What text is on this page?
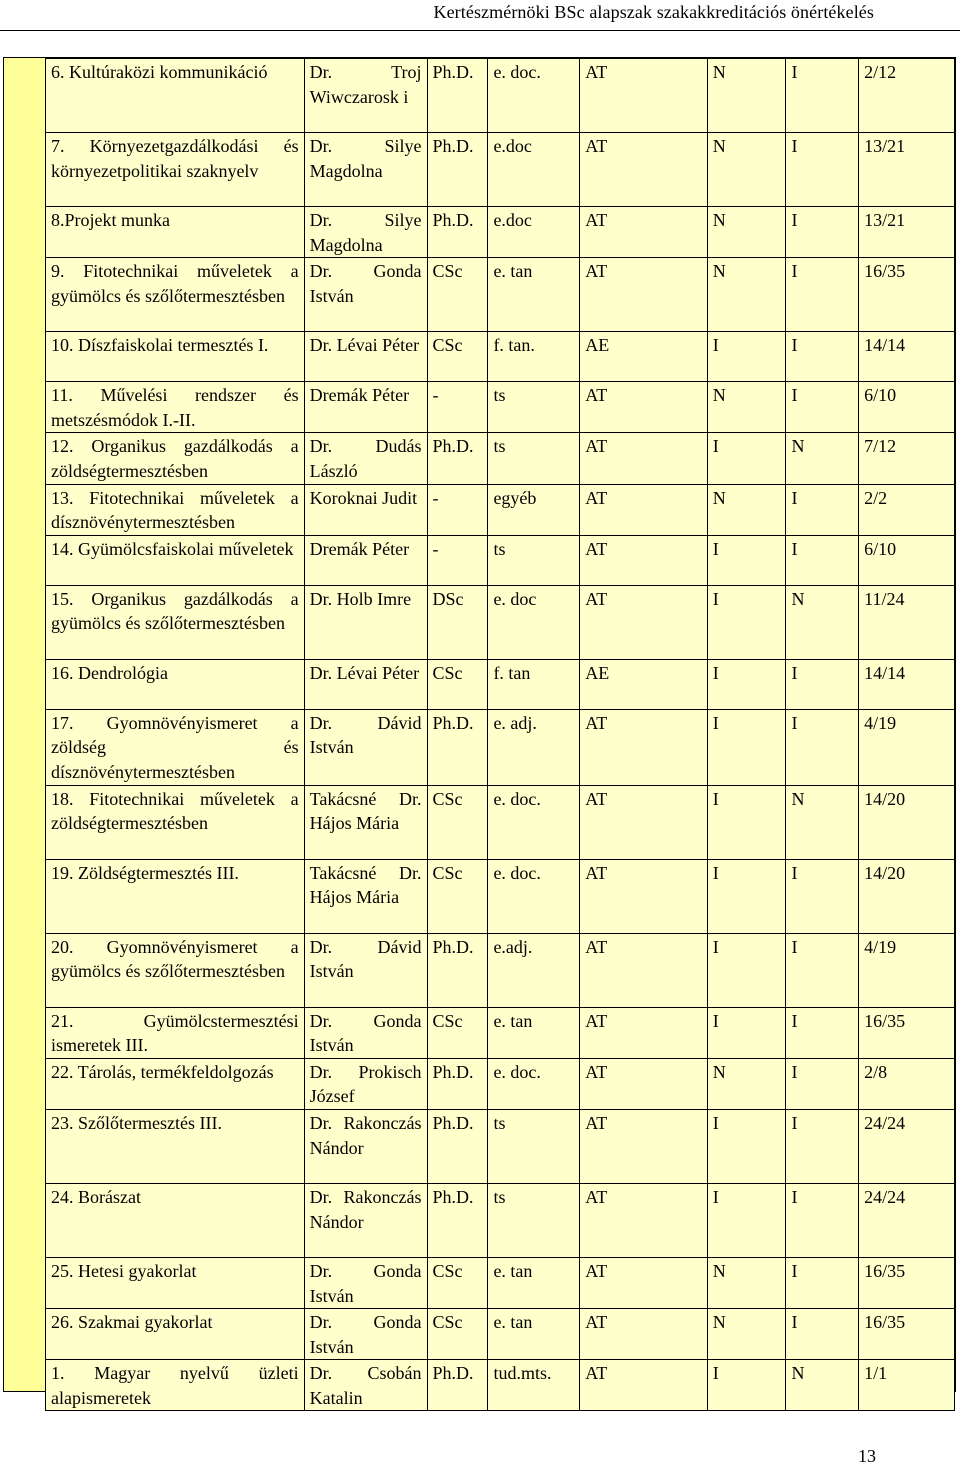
Kertészmérnöki BSc alapszak szakakkreditációs önértékelés
6. Kultúraközi kommunikáció	Dr. Troj Wiwczarosk i	Ph.D.	e. doc.	AT	N	I	2/12
7. Környezetgazdálkodási és környezetpolitikai szaknyelv	Dr. Silye Magdolna	Ph.D.	e.doc	AT	N	I	13/21
8.Projekt munka	Dr. Silye Magdolna	Ph.D.	e.doc	AT	N	I	13/21
9. Fitotechnikai műveletek a gyümölcs és szőlőtermesztésben	Dr. Gonda István	CSc	e. tan	AT	N	I	16/35
10. Díszfaiskolai termesztés I.	Dr. Lévai Péter	CSc	f. tan.	AE	I	I	14/14
11. Művelési rendszer és metszésmódok I.-II.	Dremák Péter	-	ts	AT	N	I	6/10
12. Organikus gazdálkodás a zöldségtermesztésben	Dr. Dudás László	Ph.D.	ts	AT	I	N	7/12
13. Fitotechnikai műveletek a dísznövénytermesztésben	Koroknai Judit	-	egyéb	AT	N	I	2/2
14. Gyümölcsfaiskolai műveletek	Dremák Péter	-	ts	AT	I	I	6/10
15. Organikus gazdálkodás a gyümölcs és szőlőtermesztésben	Dr. Holb Imre	DSc	e. doc	AT	I	N	11/24
16. Dendrológia	Dr. Lévai Péter	CSc	f. tan	AE	I	I	14/14
17. Gyomnövényismeret a zöldség és dísznövénytermesztésben	Dr. Dávid István	Ph.D.	e. adj.	AT	I	I	4/19
18. Fitotechnikai műveletek a zöldségtermesztésben	Takácsné Dr. Hájos Mária	CSc	e. doc.	AT	I	N	14/20
19. Zöldségtermesztés III.	Takácsné Dr. Hájos Mária	CSc	e. doc.	AT	I	I	14/20
20. Gyomnövényismeret a gyümölcs és szőlőtermesztésben	Dr. Dávid István	Ph.D.	e.adj.	AT	I	I	4/19
21. Gyümölcstermesztési ismeretek III.	Dr. Gonda István	CSc	e. tan	AT	I	I	16/35
22. Tárolás, termékfeldolgozás	Dr. Prokisch József	Ph.D.	e. doc.	AT	N	I	2/8
23. Szőlőtermesztés III.	Dr. Rakonczás Nándor	Ph.D.	ts	AT	I	I	24/24
24. Borászat	Dr. Rakonczás Nándor	Ph.D.	ts	AT	I	I	24/24
25. Hetesi gyakorlat	Dr. Gonda István	CSc	e. tan	AT	N	I	16/35
26. Szakmai gyakorlat	Dr. Gonda István	CSc	e. tan	AT	N	I	16/35
1. Magyar nyelvű üzleti alapismeretek	Dr. Csobán Katalin	Ph.D.	tud.mts.	AT	I	N	1/1
13
